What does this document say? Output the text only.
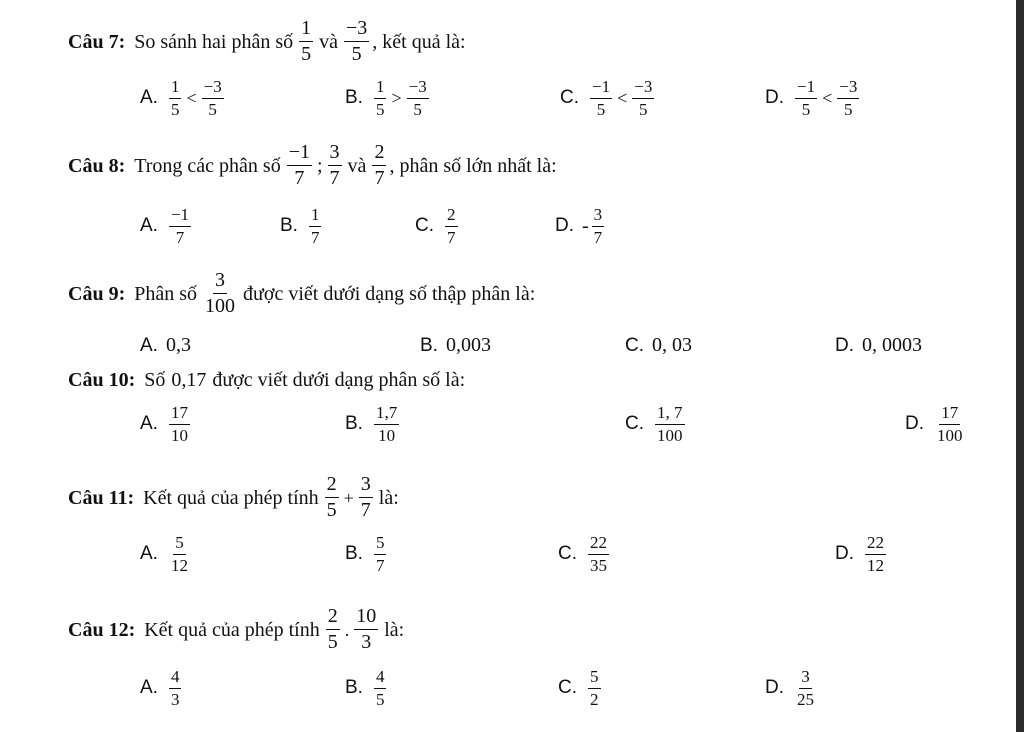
Câu 7: So sánh hai phân số $\frac{1}{5}$ và $\frac{-3}{5}$ , kết quả là:
A. $\frac{1}{5} < \frac{-3}{5}$	B. $\frac{1}{5} > \frac{-3}{5}$	C. $\frac{-1}{5} < \frac{-3}{5}$	D. $\frac{-1}{5} < \frac{-3}{5}$
Câu 8: Trong các phân số $\frac{-1}{7}$ ; $\frac{3}{7}$ và $\frac{2}{7}$ , phân số lớn nhất là:
A. $\frac{-1}{7}$	B. $\frac{1}{7}$	C. $\frac{2}{7}$	D. - $\frac{3}{7}$
Câu 9: Phân số $\frac{3}{100}$ được viết dưới dạng số thập phân là:
A. 0,3	B. 0,003	C. 0, 03	D. 0, 0003
Câu 10: Số 0,17 được viết dưới dạng phân số là:
A. $\frac{17}{10}$	B. $\frac{1,7}{10}$	C. $\frac{1, 7}{100}$	D. $\frac{17}{100}$
Câu 11: Kết quả của phép tính $\frac{2}{5} + \frac{3}{7}$ là:
A. $\frac{5}{12}$	B. $\frac{5}{7}$	C. $\frac{22}{35}$	D. $\frac{22}{12}$
Câu 12: Kết quả của phép tính $\frac{2}{5}$ . $\frac{10}{3}$ là:
A. $\frac{4}{3}$	B. $\frac{4}{5}$	C. $\frac{5}{2}$	D. $\frac{3}{25}$
